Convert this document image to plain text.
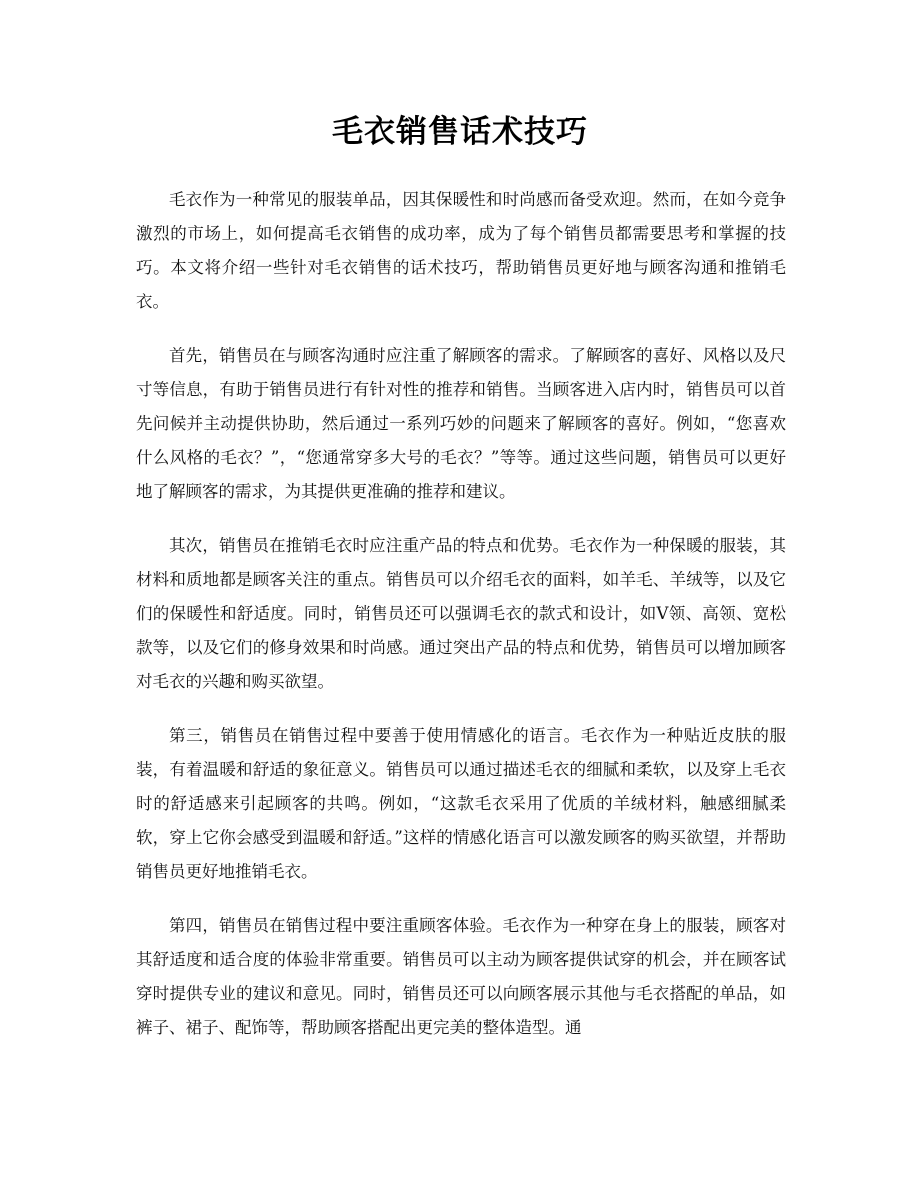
毛衣销售话术技巧

毛衣作为一种常见的服装单品，因其保暖性和时尚感而备受欢迎。然而，在如今竞争激烈的市场上，如何提高毛衣销售的成功率，成为了每个销售员都需要思考和掌握的技巧。本文将介绍一些针对毛衣销售的话术技巧，帮助销售员更好地与顾客沟通和推销毛衣。

首先，销售员在与顾客沟通时应注重了解顾客的需求。了解顾客的喜好、风格以及尺寸等信息，有助于销售员进行有针对性的推荐和销售。当顾客进入店内时，销售员可以首先问候并主动提供协助，然后通过一系列巧妙的问题来了解顾客的喜好。例如，“您喜欢什么风格的毛衣？”，“您通常穿多大号的毛衣？”等等。通过这些问题，销售员可以更好地了解顾客的需求，为其提供更准确的推荐和建议。

其次，销售员在推销毛衣时应注重产品的特点和优势。毛衣作为一种保暖的服装，其材料和质地都是顾客关注的重点。销售员可以介绍毛衣的面料，如羊毛、羊绒等，以及它们的保暖性和舒适度。同时，销售员还可以强调毛衣的款式和设计，如V领、高领、宽松款等，以及它们的修身效果和时尚感。通过突出产品的特点和优势，销售员可以增加顾客对毛衣的兴趣和购买欲望。

第三，销售员在销售过程中要善于使用情感化的语言。毛衣作为一种贴近皮肤的服装，有着温暖和舒适的象征意义。销售员可以通过描述毛衣的细腻和柔软，以及穿上毛衣时的舒适感来引起顾客的共鸣。例如，“这款毛衣采用了优质的羊绒材料，触感细腻柔软，穿上它你会感受到温暖和舒适。”这样的情感化语言可以激发顾客的购买欲望，并帮助销售员更好地推销毛衣。

第四，销售员在销售过程中要注重顾客体验。毛衣作为一种穿在身上的服装，顾客对其舒适度和适合度的体验非常重要。销售员可以主动为顾客提供试穿的机会，并在顾客试穿时提供专业的建议和意见。同时，销售员还可以向顾客展示其他与毛衣搭配的单品，如裤子、裙子、配饰等，帮助顾客搭配出更完美的整体造型。通
